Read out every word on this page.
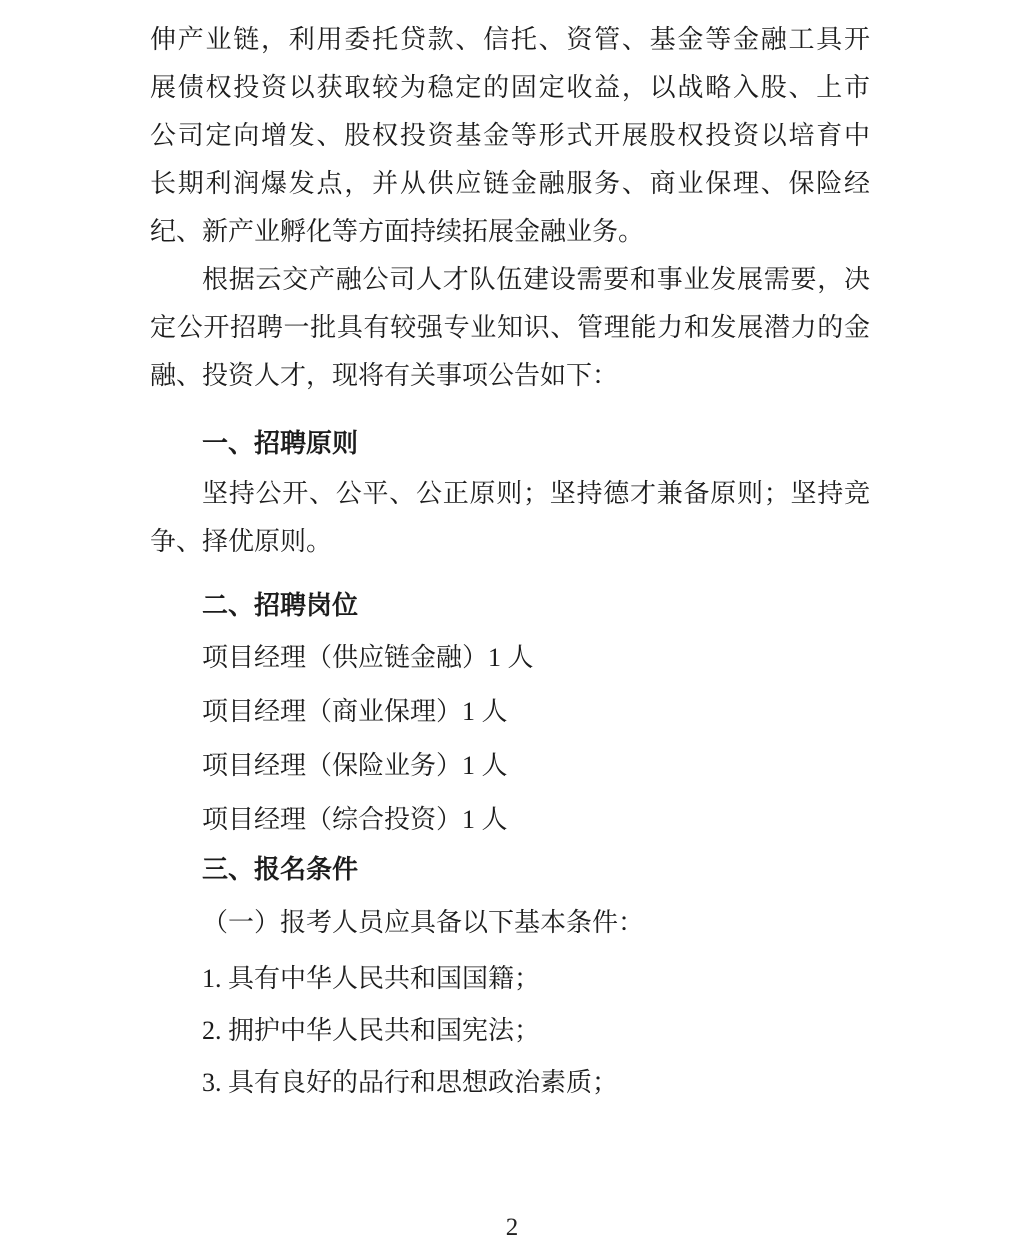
伸产业链，利用委托贷款、信托、资管、基金等金融工具开
展债权投资以获取较为稳定的固定收益，以战略入股、上市
公司定向增发、股权投资基金等形式开展股权投资以培育中
长期利润爆发点，并从供应链金融服务、商业保理、保险经
纪、新产业孵化等方面持续拓展金融业务。

根据云交产融公司人才队伍建设需要和事业发展需要，决
定公开招聘一批具有较强专业知识、管理能力和发展潜力的金
融、投资人才，现将有关事项公告如下：

一、招聘原则

坚持公开、公平、公正原则；坚持德才兼备原则；坚持竞
争、择优原则。

二、招聘岗位

项目经理（供应链金融）1 人

项目经理（商业保理）1 人

项目经理（保险业务）1 人

项目经理（综合投资）1 人

三、报名条件

（一）报考人员应具备以下基本条件：

1. 具有中华人民共和国国籍；

2. 拥护中华人民共和国宪法；

3. 具有良好的品行和思想政治素质；

2
